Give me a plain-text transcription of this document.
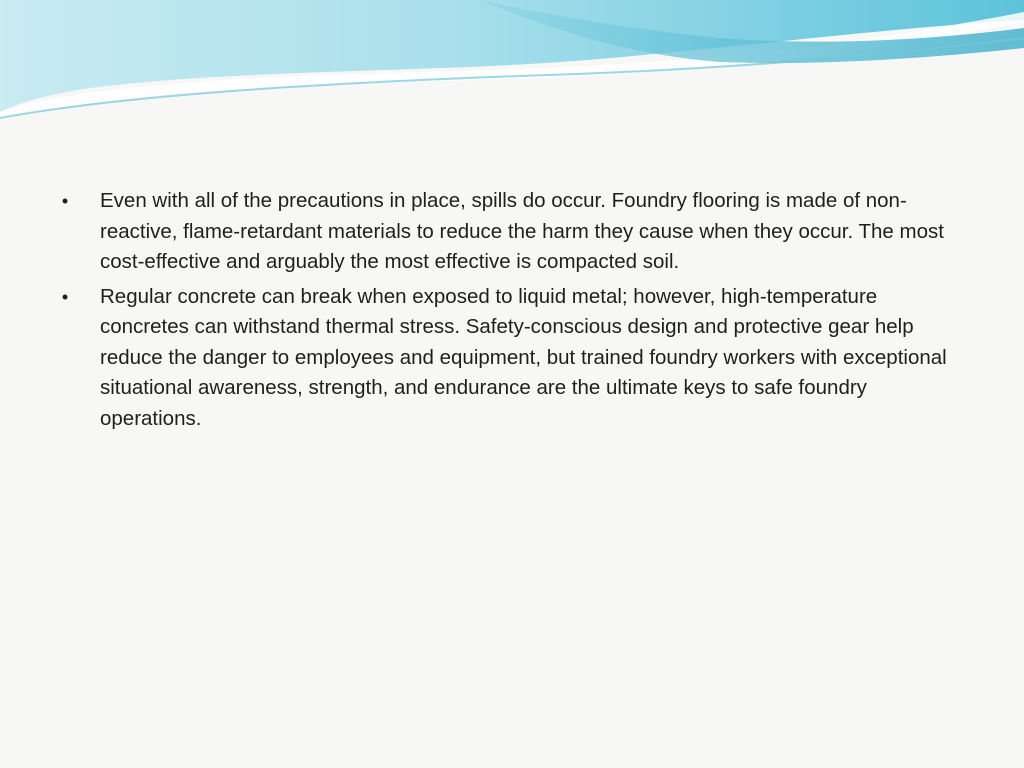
• Even with all of the precautions in place, spills do occur. Foundry flooring is made of non-reactive, flame-retardant materials to reduce the harm they cause when they occur. The most cost-effective and arguably the most effective is compacted soil.
• Regular concrete can break when exposed to liquid metal; however, high-temperature concretes can withstand thermal stress. Safety-conscious design and protective gear help reduce the danger to employees and equipment, but trained foundry workers with exceptional situational awareness, strength, and endurance are the ultimate keys to safe foundry operations.
